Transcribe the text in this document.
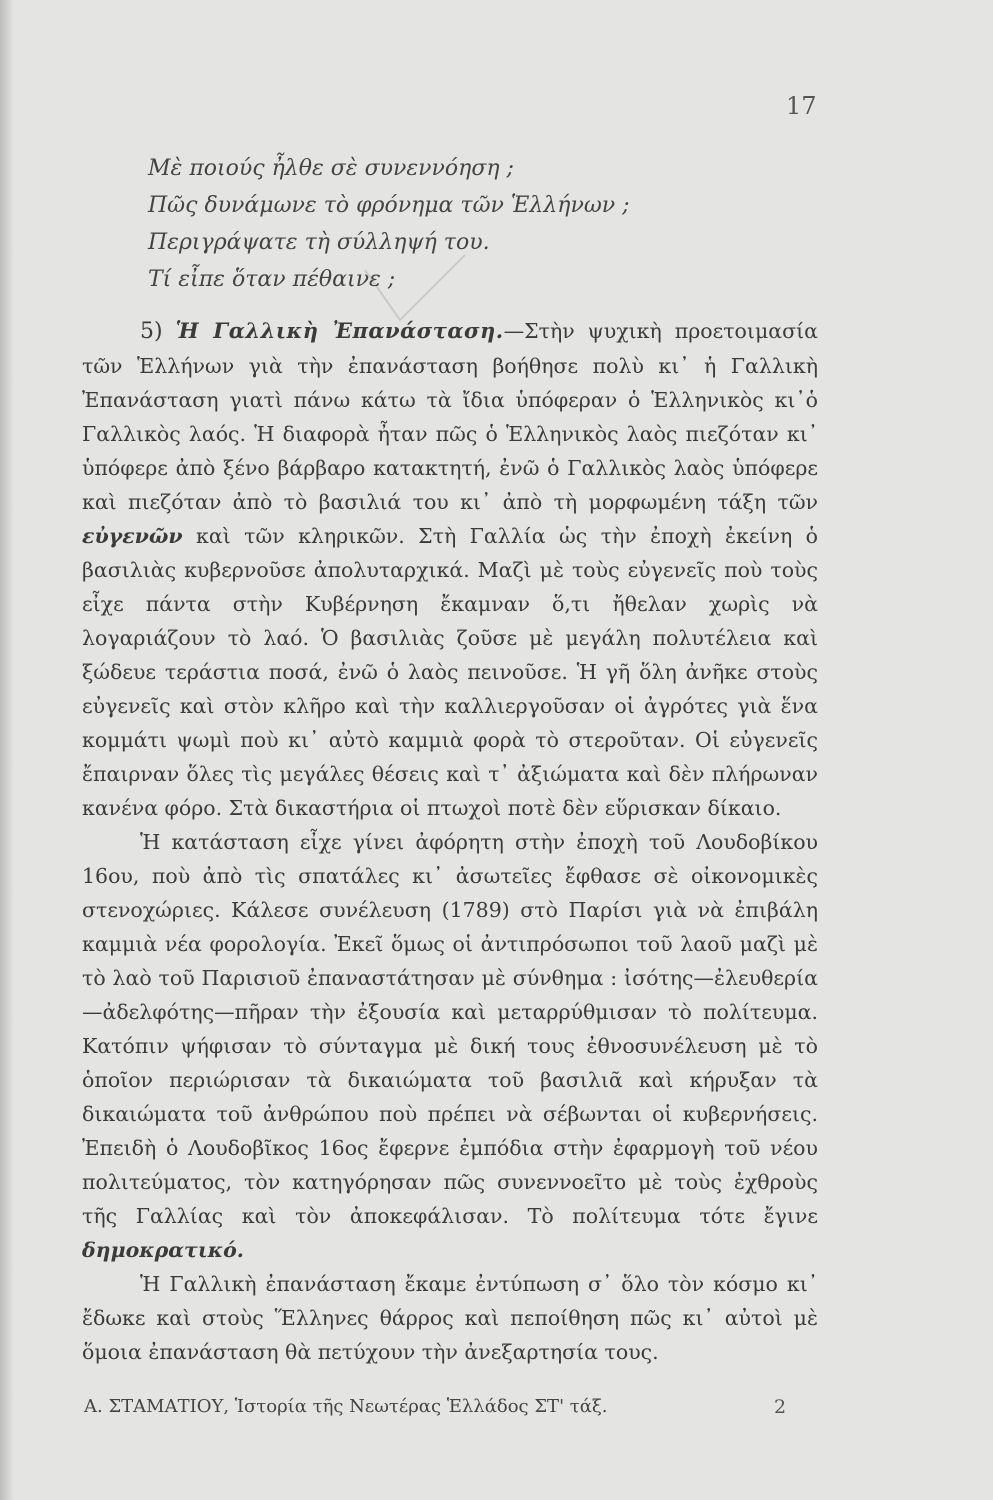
17
Μὲ ποιούς ἦλθε σὲ συνεννόηση ;
Πῶς δυνάμωνε τὸ φρόνημα τῶν Ἑλλήνων ;
Περιγράψατε τὴ σύλληψή του.
Τί εἶπε ὅταν πέθαινε ;

5) Ἡ Γαλλικὴ Ἐπανάσταση.—Στὴν ψυχικὴ προετοιμασία τῶν Ἑλλήνων γιὰ τὴν ἐπανάσταση βοήθησε πολὺ κι᾽ ἡ Γαλλικὴ Ἐπανάσταση γιατὶ πάνω κάτω τὰ ἴδια ὑπόφεραν ὁ Ἑλληνικὸς κι᾽ὁ Γαλλικὸς λαός. Ἡ διαφορὰ ἦταν πῶς ὁ Ἑλληνικὸς λαὸς πιεζόταν κι᾽ ὑπόφερε ἀπὸ ξένο βάρβαρο κατακτητή, ἐνῶ ὁ Γαλλικὸς λαὸς ὑπόφερε καὶ πιεζόταν ἀπὸ τὸ βασιλιά του κι᾽ ἀπὸ τὴ μορφωμένη τάξη τῶν εὐγενῶν καὶ τῶν κληρικῶν. Στὴ Γαλλία ὡς τὴν ἐποχὴ ἐκείνη ὁ βασιλιὰς κυβερνοῦσε ἀπολυταρχικά. Μαζὶ μὲ τοὺς εὐγενεῖς ποὺ τοὺς εἶχε πάντα στὴν Κυβέρνηση ἔκαμναν ὅ,τι ἤθελαν χωρὶς νὰ λογαριάζουν τὸ λαό. Ὁ βασιλιὰς ζοῦσε μὲ μεγάλη πολυτέλεια καὶ ξώδευε τεράστια ποσά, ἐνῶ ὁ λαὸς πεινοῦσε. Ἡ γῆ ὅλη ἀνῆκε στοὺς εὐγενεῖς καὶ στὸν κλῆρο καὶ τὴν καλλιεργοῦσαν οἱ ἀγρότες γιὰ ἕνα κομμάτι ψωμὶ ποὺ κι᾽ αὐτὸ καμμιὰ φορὰ τὸ στεροῦταν. Οἱ εὐγενεῖς ἔπαιρναν ὅλες τὶς μεγάλες θέσεις καὶ τ᾽ ἀξιώματα καὶ δὲν πλήρωναν κανένα φόρο. Στὰ δικαστήρια οἱ πτωχοὶ ποτὲ δὲν εὕρισκαν δίκαιο.

Ἡ κατάσταση εἶχε γίνει ἀφόρητη στὴν ἐποχὴ τοῦ Λουδοβίκου 16ου, ποὺ ἀπὸ τὶς σπατάλες κι᾽ ἀσωτεῖες ἔφθασε σὲ οἰκονομικὲς στενοχώριες. Κάλεσε συνέλευση (1789) στὸ Παρίσι γιὰ νὰ ἐπιβάλη καμμιὰ νέα φορολογία. Ἐκεῖ ὅμως οἱ ἀντιπρόσωποι τοῦ λαοῦ μαζὶ μὲ τὸ λαὸ τοῦ Παρισιοῦ ἐπαναστάτησαν μὲ σύνθημα : ἰσότης—ἐλευθερία—ἀδελφότης—πῆραν τὴν ἐξουσία καὶ μεταρρύθμισαν τὸ πολίτευμα. Κατόπιν ψήφισαν τὸ σύνταγμα μὲ δική τους ἐθνοσυνέλευση μὲ τὸ ὁποῖον περιώρισαν τὰ δικαιώματα τοῦ βασιλιᾶ καὶ κήρυξαν τὰ δικαιώματα τοῦ ἀνθρώπου ποὺ πρέπει νὰ σέβωνται οἱ κυβερνήσεις. Ἐπειδὴ ὁ Λουδοβῖκος 16ος ἔφερνε ἐμπόδια στὴν ἐφαρμογὴ τοῦ νέου πολιτεύματος, τὸν κατηγόρησαν πῶς συνεννοεῖτο μὲ τοὺς ἐχθροὺς τῆς Γαλλίας καὶ τὸν ἀποκεφάλισαν. Τὸ πολίτευμα τότε ἔγινε δημοκρατικό.

Ἡ Γαλλικὴ ἐπανάσταση ἔκαμε ἐντύπωση σ᾽ ὅλο τὸν κόσμο κι᾽ ἔδωκε καὶ στοὺς Ἕλληνες θάρρος καὶ πεποίθηση πῶς κι᾽ αὐτοὶ μὲ ὅμοια ἐπανάσταση θὰ πετύχουν τὴν ἀνεξαρτησία τους.

Α. ΣΤΑΜΑΤΙΟΥ, Ἱστορία τῆς Νεωτέρας Ἑλλάδος ΣΤ' τάξ.	2
